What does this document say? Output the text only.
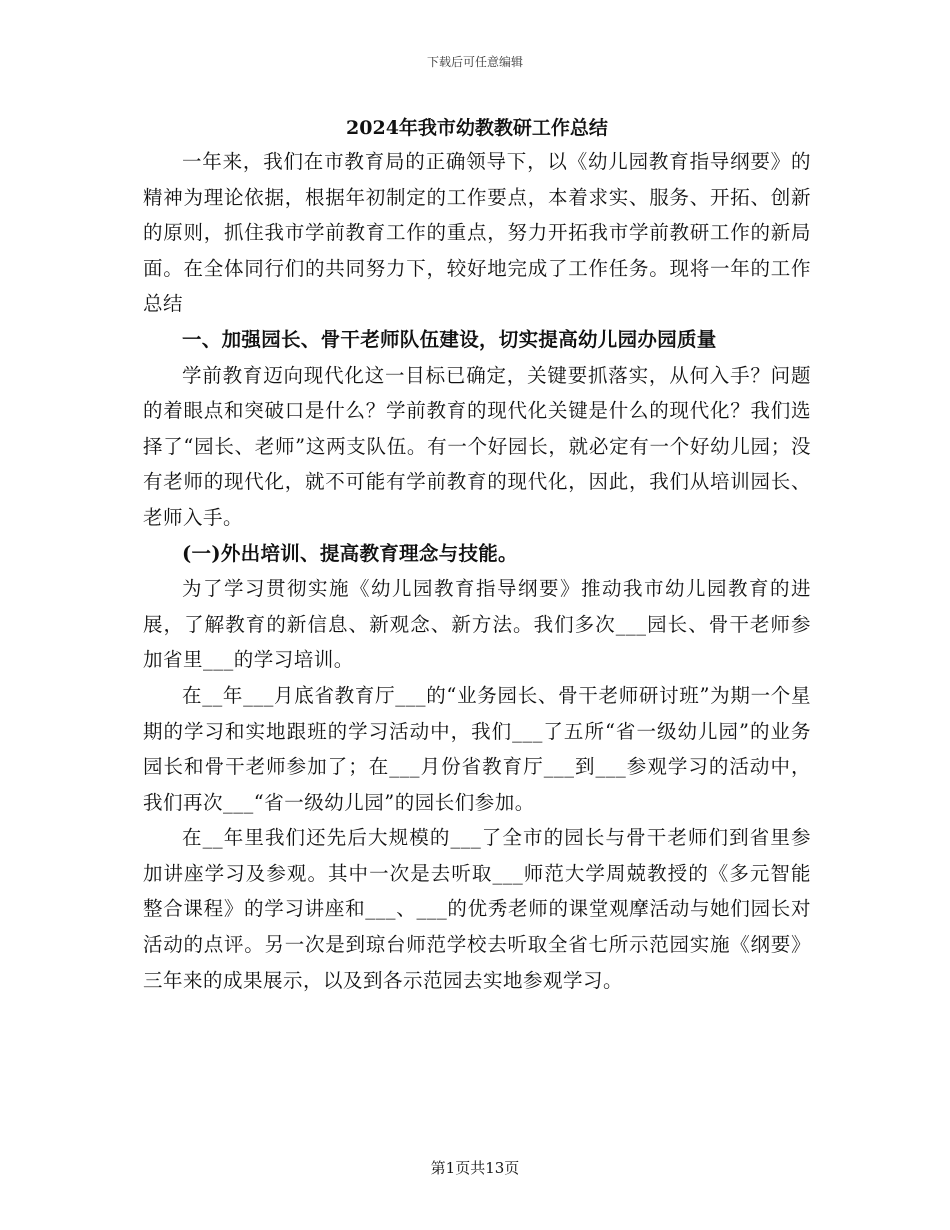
下载后可任意编辑
2024年我市幼教教研工作总结

一年来，我们在市教育局的正确领导下，以《幼儿园教育指导纲要》的精神为理论依据，根据年初制定的工作要点，本着求实、服务、开拓、创新的原则，抓住我市学前教育工作的重点，努力开拓我市学前教研工作的新局面。在全体同行们的共同努力下，较好地完成了工作任务。现将一年的工作总结

一、加强园长、骨干老师队伍建设，切实提高幼儿园办园质量

学前教育迈向现代化这一目标已确定，关键要抓落实，从何入手？问题的着眼点和突破口是什么？学前教育的现代化关键是什么的现代化？我们选择了“园长、老师”这两支队伍。有一个好园长，就必定有一个好幼儿园；没有老师的现代化，就不可能有学前教育的现代化，因此，我们从培训园长、老师入手。

(一)外出培训、提高教育理念与技能。

为了学习贯彻实施《幼儿园教育指导纲要》推动我市幼儿园教育的进展，了解教育的新信息、新观念、新方法。我们多次___园长、骨干老师参加省里___的学习培训。

在__年___月底省教育厅___的“业务园长、骨干老师研讨班”为期一个星期的学习和实地跟班的学习活动中，我们___了五所“省一级幼儿园”的业务园长和骨干老师参加了；在___月份省教育厅___到___参观学习的活动中，我们再次___“省一级幼儿园”的园长们参加。

在__年里我们还先后大规模的___了全市的园长与骨干老师们到省里参加讲座学习及参观。其中一次是去听取___师范大学周兢教授的《多元智能整合课程》的学习讲座和___、___的优秀老师的课堂观摩活动与她们园长对活动的点评。另一次是到琼台师范学校去听取全省七所示范园实施《纲要》三年来的成果展示，以及到各示范园去实地参观学习。

第1页共13页
